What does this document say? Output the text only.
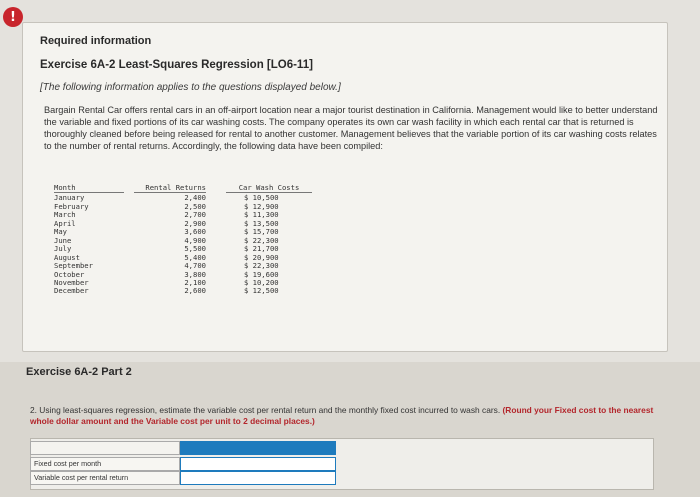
!
Required information
Exercise 6A-2 Least-Squares Regression [LO6-11]
[The following information applies to the questions displayed below.]
Bargain Rental Car offers rental cars in an off-airport location near a major tourist destination in California. Management would like to better understand the variable and fixed portions of its car washing costs. The company operates its own car wash facility in which each rental car that is returned is thoroughly cleaned before being released for rental to another customer. Management believes that the variable portion of its car washing costs relates to the number of rental returns. Accordingly, the following data have been compiled:
Month
January
February
March
April
May
June
July
August
September
October
November
December
Rental Returns
2,400
2,500
2,700
2,900
3,600
4,900
5,500
5,400
4,700
3,800
2,100
2,600
Car Wash Costs
$ 10,500
$ 12,900
$ 11,300
$ 13,500
$ 15,700
$ 22,300
$ 21,700
$ 20,900
$ 22,300
$ 19,600
$ 10,200
$ 12,500
Exercise 6A-2 Part 2
2. Using least-squares regression, estimate the variable cost per rental return and the monthly fixed cost incurred to wash cars. (Round your Fixed cost to the nearest whole dollar amount and the Variable cost per unit to 2 decimal places.)
Fixed cost per month
Variable cost per rental return
